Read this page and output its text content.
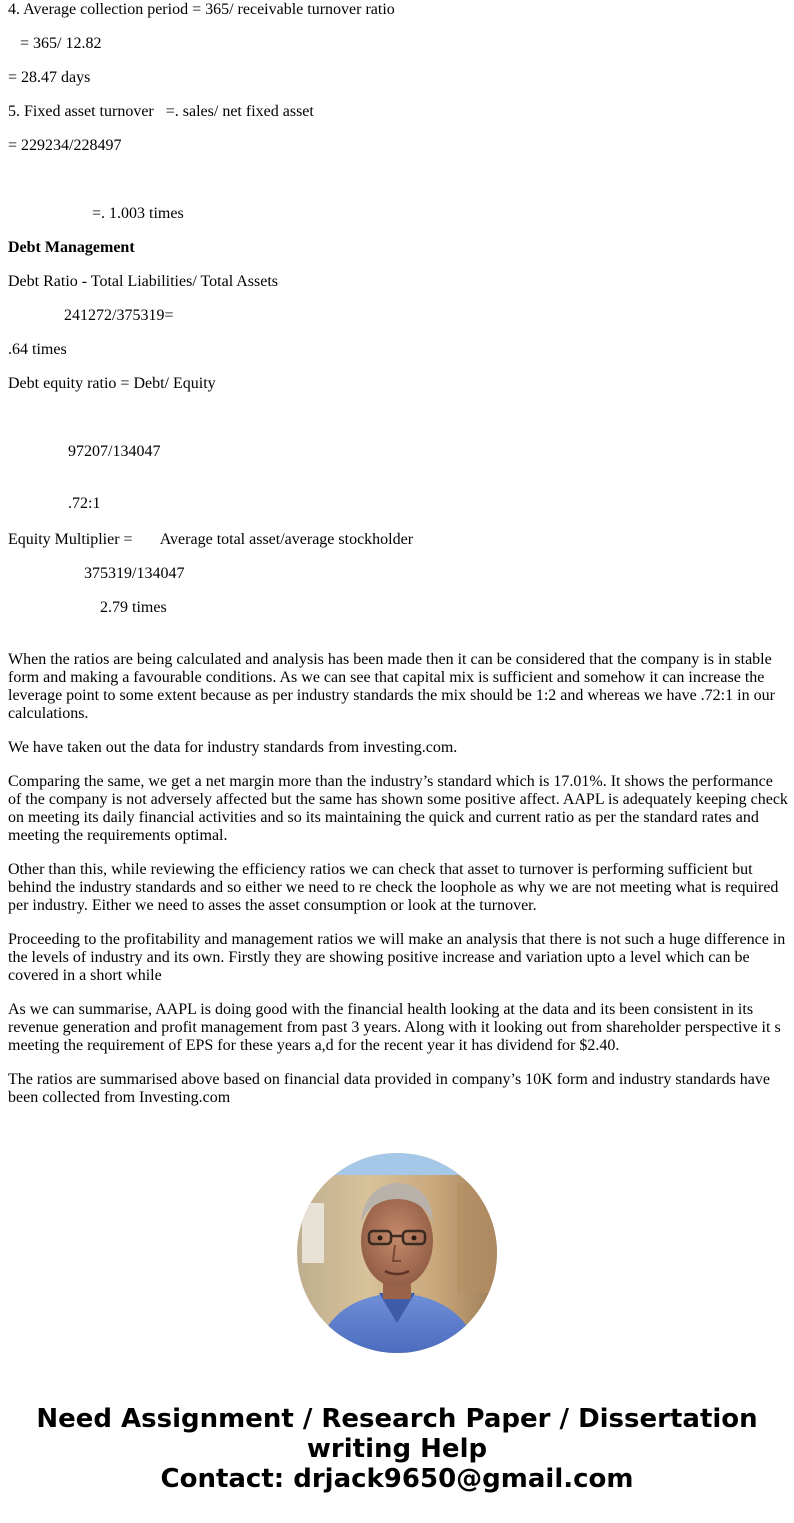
4. Average collection period = 365/ receivable turnover ratio

= 365/ 12.82

= 28.47 days

5. Fixed asset turnover   =. sales/ net fixed asset

= 229234/228497

=. 1.003 times

Debt Management

Debt Ratio - Total Liabilities/ Total Assets

241272/375319=

.64 times

Debt equity ratio = Debt/ Equity

97207/134047

.72:1

Equity Multiplier =       Average total asset/average stockholder

375319/134047

2.79 times

When the ratios are being calculated and analysis has been made then it can be considered that the company is in stable form and making a favourable conditions. As we can see that capital mix is sufficient and somehow it can increase the leverage point to some extent because as per industry standards the mix should be 1:2 and whereas we have .72:1 in our calculations.

We have taken out the data for industry standards from investing.com.

Comparing the same, we get a net margin more than the industry’s standard which is 17.01%. It shows the performance of the company is not adversely affected but the same has shown some positive affect. AAPL is adequately keeping check on meeting its daily financial activities and so its maintaining the quick and current ratio as per the standard rates and meeting the requirements optimal.

Other than this, while reviewing the efficiency ratios we can check that asset to turnover is performing sufficient but behind the industry standards and so either we need to re check the loophole as why we are not meeting what is required per industry. Either we need to asses the asset consumption or look at the turnover.

Proceeding to the profitability and management ratios we will make an analysis that there is not such a huge difference in the levels of industry and its own. Firstly they are showing positive increase and variation upto a level which can be covered in a short while

As we can summarise, AAPL is doing good with the financial health looking at the data and its been consistent in its revenue generation and profit management from past 3 years. Along with it looking out from shareholder perspective it s meeting the requirement of EPS for these years a,d for the recent year it has dividend for $2.40.

The ratios are summarised above based on financial data provided in company’s 10K form and industry standards have been collected from Investing.com

Need Assignment / Research Paper / Dissertation
writing Help
Contact: drjack9650@gmail.com
